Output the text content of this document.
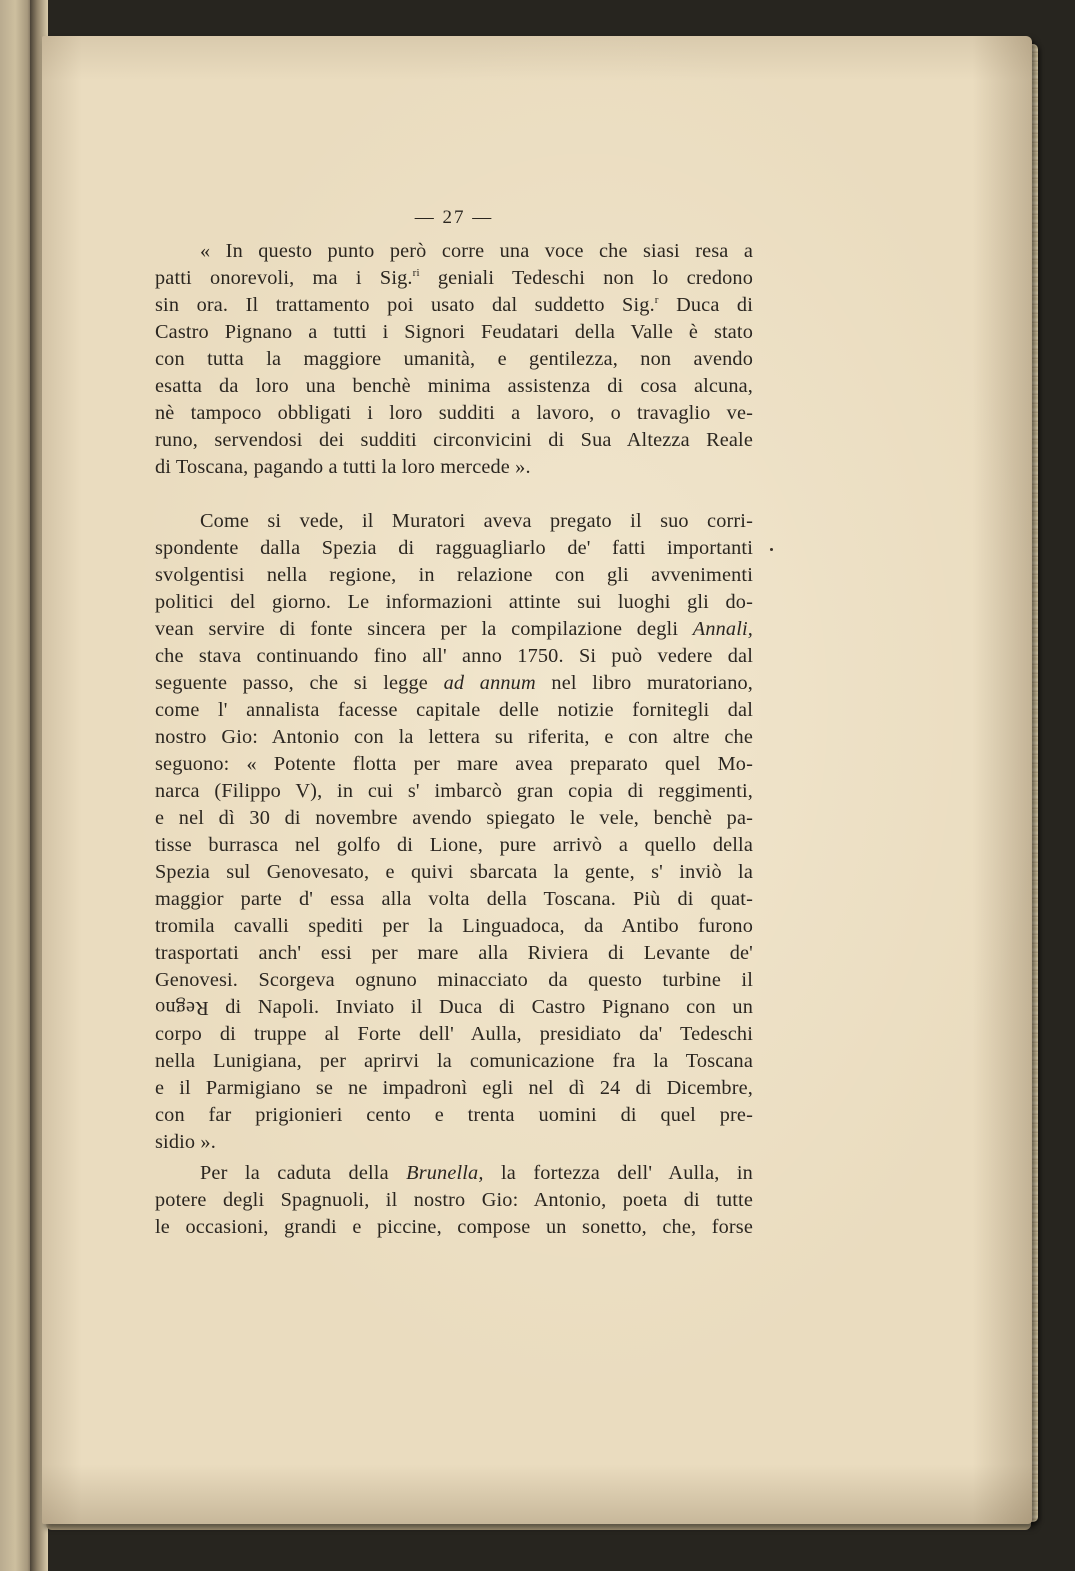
— 27 —
« In questo punto però corre una voce che siasi resa a
patti onorevoli, ma i Sig.$^{ri}$ geniali Tedeschi non lo credono
sin ora. Il trattamento poi usato dal suddetto Sig.$^r$ Duca di
Castro Pignano a tutti i Signori Feudatari della Valle è stato
con tutta la maggiore umanità, e gentilezza, non avendo
esatta da loro una benchè minima assistenza di cosa alcuna,
nè tampoco obbligati i loro sudditi a lavoro, o travaglio ve-
runo, servendosi dei sudditi circonvicini di Sua Altezza Reale
di Toscana, pagando a tutti la loro mercede ».
Come si vede, il Muratori aveva pregato il suo corri-
spondente dalla Spezia di ragguagliarlo de' fatti importanti
svolgentisi nella regione, in relazione con gli avvenimenti
politici del giorno. Le informazioni attinte sui luoghi gli do-
vean servire di fonte sincera per la compilazione degli Annali,
che stava continuando fino all' anno 1750. Si può vedere dal
seguente passo, che si legge ad annum nel libro muratoriano,
come l' annalista facesse capitale delle notizie fornitegli dal
nostro Gio: Antonio con la lettera su riferita, e con altre che
seguono: « Potente flotta per mare avea preparato quel Mo-
narca (Filippo V), in cui s' imbarcò gran copia di reggimenti,
e nel dì 30 di novembre avendo spiegato le vele, benchè pa-
tisse burrasca nel golfo di Lione, pure arrivò a quello della
Spezia sul Genovesato, e quivi sbarcata la gente, s' inviò la
maggior parte d' essa alla volta della Toscana. Più di quat-
tromila cavalli spediti per la Linguadoca, da Antibo furono
trasportati anch' essi per mare alla Riviera di Levante de'
Genovesi. Scorgeva ognuno minacciato da questo turbine il
Regno di Napoli. Inviato il Duca di Castro Pignano con un
corpo di truppe al Forte dell' Aulla, presidiato da' Tedeschi
nella Lunigiana, per aprirvi la comunicazione fra la Toscana
e il Parmigiano se ne impadronì egli nel dì 24 di Dicembre,
con far prigionieri cento e trenta uomini di quel pre-
sidio ».
Per la caduta della Brunella, la fortezza dell' Aulla, in
potere degli Spagnuoli, il nostro Gio: Antonio, poeta di tutte
le occasioni, grandi e piccine, compose un sonetto, che, forse
